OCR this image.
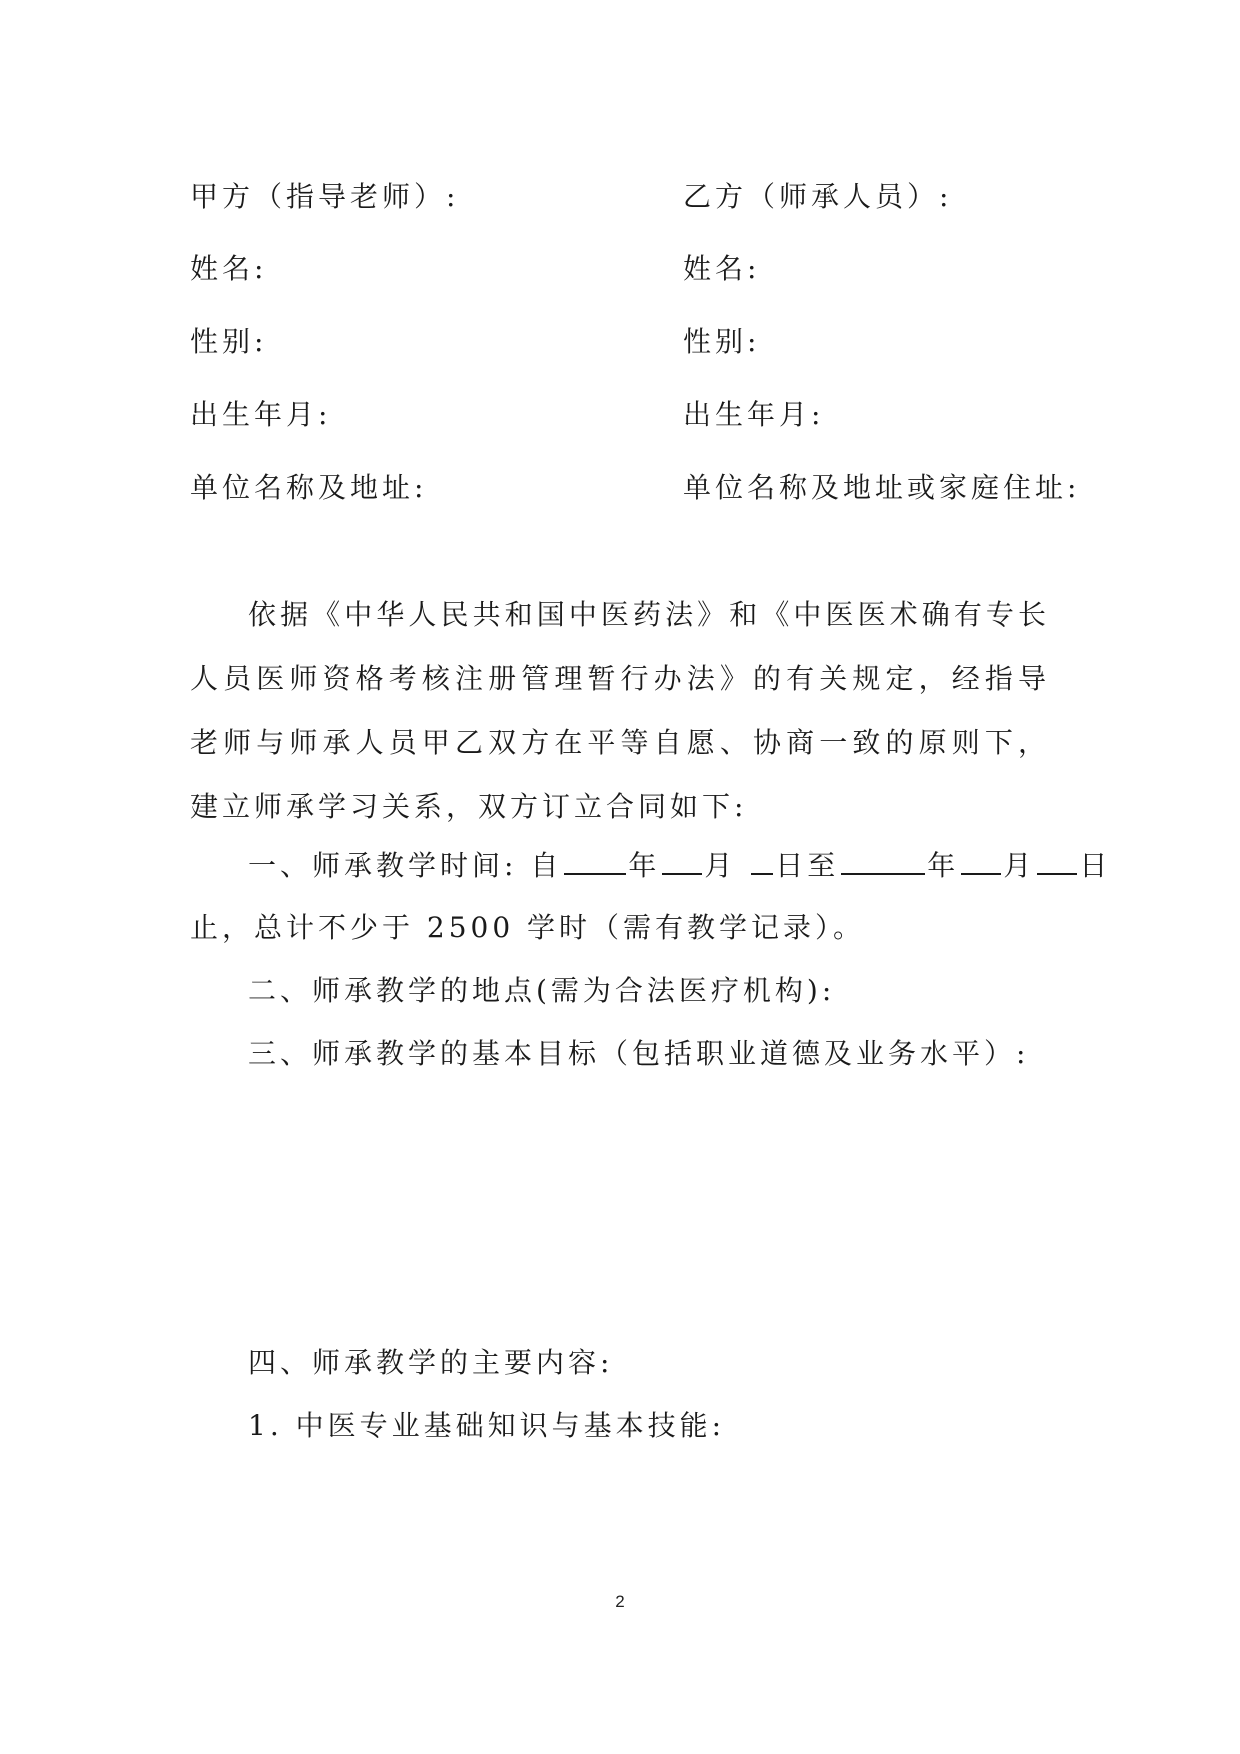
甲方（指导老师）:	乙方（师承人员）:
姓名:	姓名:
性别:	性别:
出生年月:	出生年月:
单位名称及地址:	单位名称及地址或家庭住址:
依据《中华人民共和国中医药法》和《中医医术确有专长人员医师资格考核注册管理暂行办法》的有关规定，经指导老师与师承人员甲乙双方在平等自愿、协商一致的原则下，建立师承学习关系，双方订立合同如下:
一、师承教学时间: 自 年 月 日至	年 月 日
止，总计不少于 2500 学时（需有教学记录）。
二、师承教学的地点(需为合法医疗机构):
三、师承教学的基本目标（包括职业道德及业务水平）:
四、师承教学的主要内容:
1. 中医专业基础知识与基本技能:
2
